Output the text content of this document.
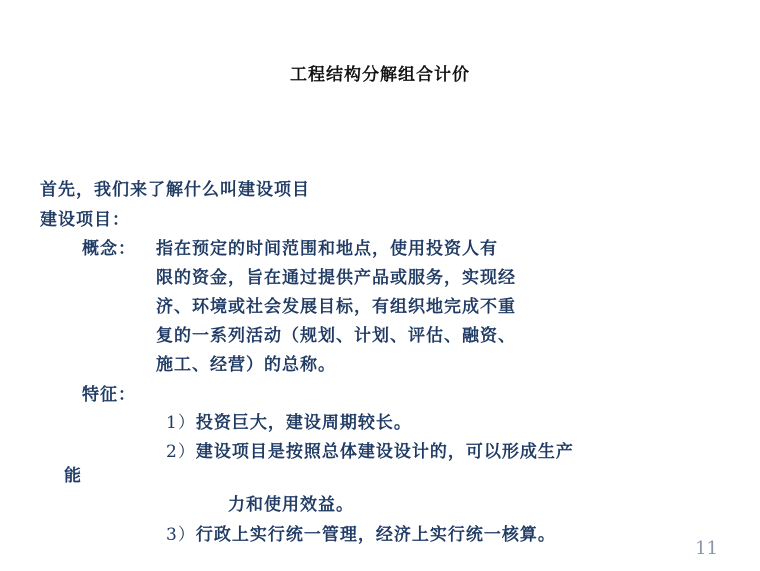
工程结构分解组合计价
首先，我们来了解什么叫建设项目
建设项目：
概念： 指在预定的时间范围和地点，使用投资人有
限的资金，旨在通过提供产品或服务，实现经
济、环境或社会发展目标，有组织地完成不重
复的一系列活动（规划、计划、评估、融资、
施工、经营）的总称。
特征：
1）投资巨大，建设周期较长。
2）建设项目是按照总体建设设计的，可以形成生产
能
力和使用效益。
3）行政上实行统一管理，经济上实行统一核算。
11
